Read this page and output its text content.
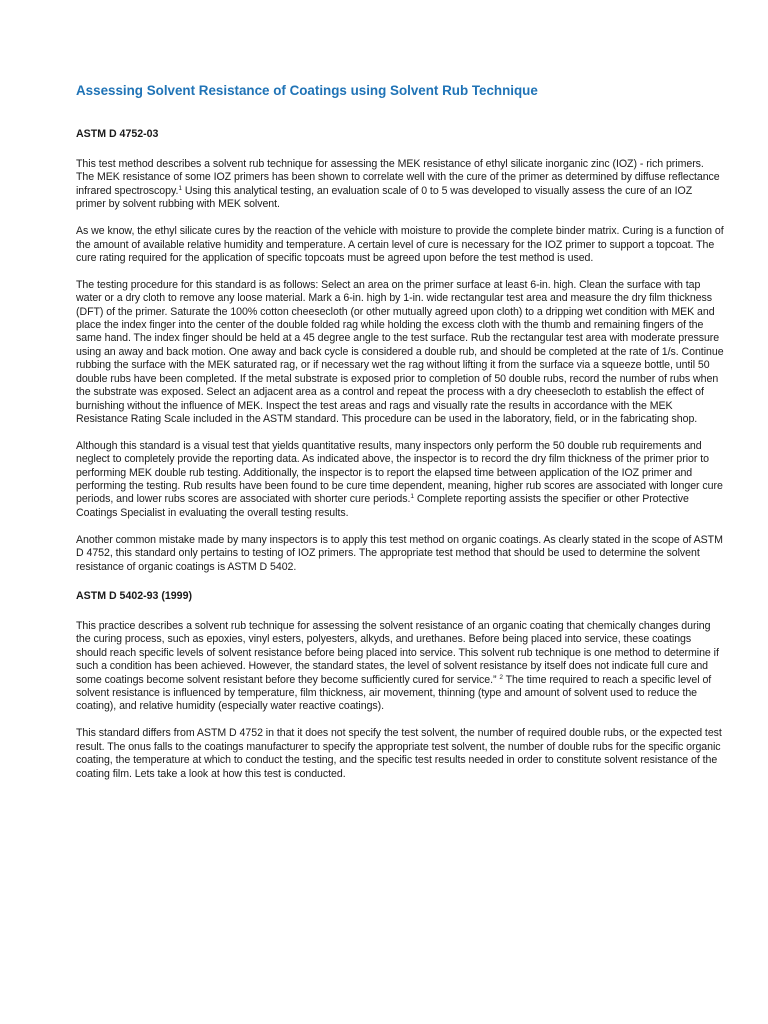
Assessing Solvent Resistance of Coatings using Solvent Rub Technique
ASTM D 4752-03

This test method describes a solvent rub technique for assessing the MEK resistance of ethyl silicate inorganic zinc (IOZ) - rich primers. The MEK resistance of some IOZ primers has been shown to correlate well with the cure of the primer as determined by diffuse reflectance infrared spectroscopy.$^1$ Using this analytical testing, an evaluation scale of 0 to 5 was developed to visually assess the cure of an IOZ primer by solvent rubbing with MEK solvent.

As we know, the ethyl silicate cures by the reaction of the vehicle with moisture to provide the complete binder matrix. Curing is a function of the amount of available relative humidity and temperature. A certain level of cure is necessary for the IOZ primer to support a topcoat. The cure rating required for the application of specific topcoats must be agreed upon before the test method is used.

The testing procedure for this standard is as follows: Select an area on the primer surface at least 6-in. high. Clean the surface with tap water or a dry cloth to remove any loose material. Mark a 6-in. high by 1-in. wide rectangular test area and measure the dry film thickness (DFT) of the primer. Saturate the 100% cotton cheesecloth (or other mutually agreed upon cloth) to a dripping wet condition with MEK and place the index finger into the center of the double folded rag while holding the excess cloth with the thumb and remaining fingers of the same hand. The index finger should be held at a 45 degree angle to the test surface. Rub the rectangular test area with moderate pressure using an away and back motion. One away and back cycle is considered a double rub, and should be completed at the rate of 1/s. Continue rubbing the surface with the MEK saturated rag, or if necessary wet the rag without lifting it from the surface via a squeeze bottle, until 50 double rubs have been completed. If the metal substrate is exposed prior to completion of 50 double rubs, record the number of rubs when the substrate was exposed. Select an adjacent area as a control and repeat the process with a dry cheesecloth to establish the effect of burnishing without the influence of MEK. Inspect the test areas and rags and visually rate the results in accordance with the MEK Resistance Rating Scale included in the ASTM standard. This procedure can be used in the laboratory, field, or in the fabricating shop.

Although this standard is a visual test that yields quantitative results, many inspectors only perform the 50 double rub requirements and neglect to completely provide the reporting data. As indicated above, the inspector is to record the dry film thickness of the primer prior to performing MEK double rub testing. Additionally, the inspector is to report the elapsed time between application of the IOZ primer and performing the testing. Rub results have been found to be cure time dependent, meaning, higher rub scores are associated with longer cure periods, and lower rubs scores are associated with shorter cure periods.$^1$ Complete reporting assists the specifier or other Protective Coatings Specialist in evaluating the overall testing results.

Another common mistake made by many inspectors is to apply this test method on organic coatings. As clearly stated in the scope of ASTM D 4752, this standard only pertains to testing of IOZ primers. The appropriate test method that should be used to determine the solvent resistance of organic coatings is ASTM D 5402.

ASTM D 5402-93 (1999)

This practice describes a solvent rub technique for assessing the solvent resistance of an organic coating that chemically changes during the curing process, such as epoxies, vinyl esters, polyesters, alkyds, and urethanes. Before being placed into service, these coatings should reach specific levels of solvent resistance before being placed into service. This solvent rub technique is one method to determine if such a condition has been achieved. However, the standard states, the level of solvent resistance by itself does not indicate full cure and some coatings become solvent resistant before they become sufficiently cured for service.” $^2$ The time required to reach a specific level of solvent resistance is influenced by temperature, film thickness, air movement, thinning (type and amount of solvent used to reduce the coating), and relative humidity (especially water reactive coatings).

This standard differs from ASTM D 4752 in that it does not specify the test solvent, the number of required double rubs, or the expected test result. The onus falls to the coatings manufacturer to specify the appropriate test solvent, the number of double rubs for the specific organic coating, the temperature at which to conduct the testing, and the specific test results needed in order to constitute solvent resistance of the coating film. Lets take a look at how this test is conducted.
